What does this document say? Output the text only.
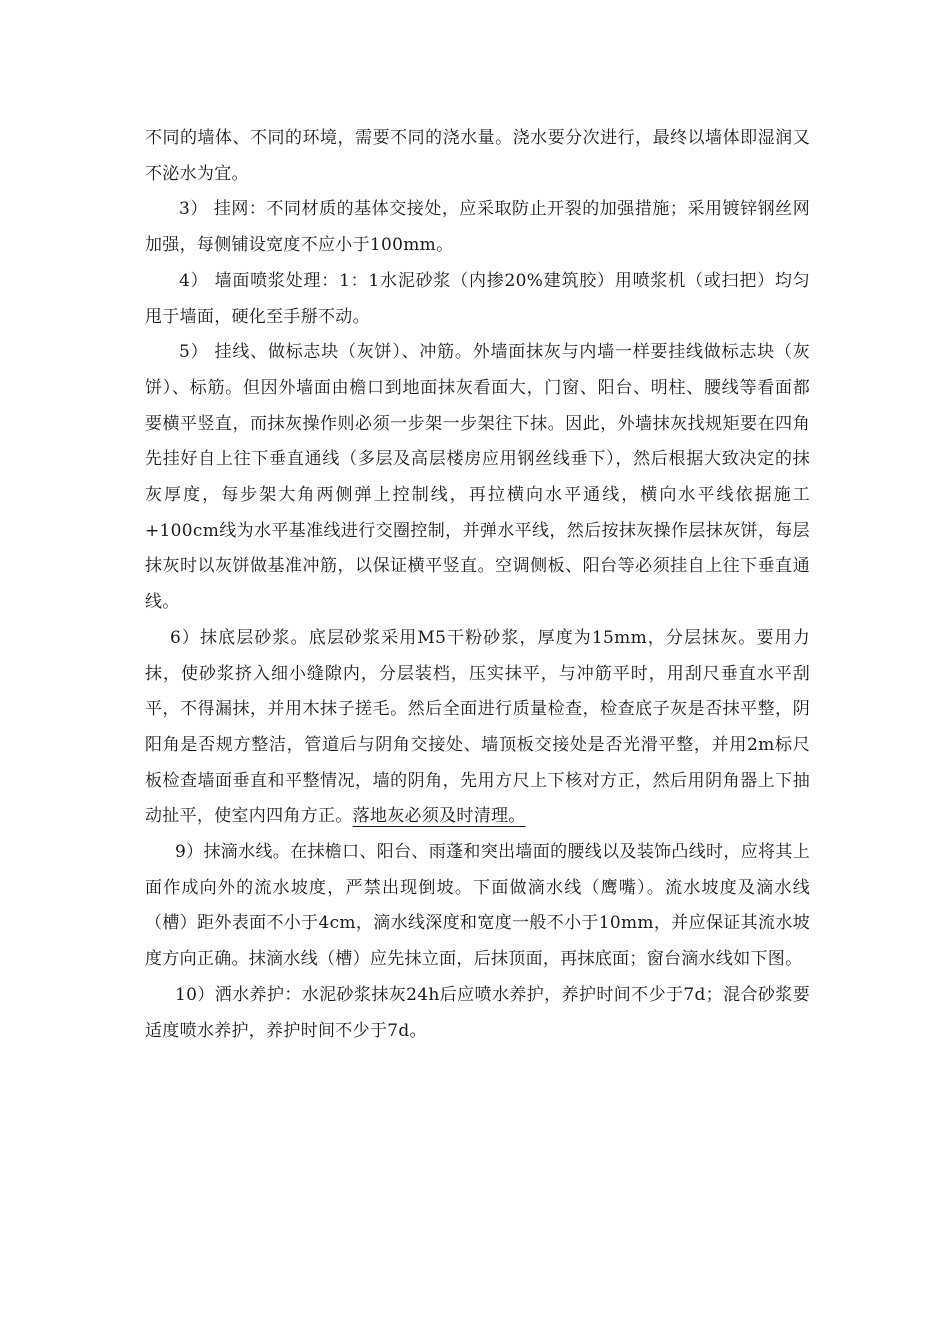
不同的墙体、不同的环境，需要不同的浇水量。浇水要分次进行，最终以墙体即湿润又不泌水为宜。

3） 挂网：不同材质的基体交接处，应采取防止开裂的加强措施；采用镀锌钢丝网加强，每侧铺设宽度不应小于100mm。

4） 墙面喷浆处理：1：1水泥砂浆（内掺20%建筑胶）用喷浆机（或扫把）均匀甩于墙面，硬化至手掰不动。

5） 挂线、做标志块（灰饼）、冲筋。外墙面抹灰与内墙一样要挂线做标志块（灰饼）、标筋。但因外墙面由檐口到地面抹灰看面大，门窗、阳台、明柱、腰线等看面都要横平竖直，而抹灰操作则必须一步架一步架往下抹。因此，外墙抹灰找规矩要在四角先挂好自上往下垂直通线（多层及高层楼房应用钢丝线垂下），然后根据大致决定的抹灰厚度，每步架大角两侧弹上控制线，再拉横向水平通线，横向水平线依据施工+100cm线为水平基准线进行交圈控制，并弹水平线，然后按抹灰操作层抹灰饼，每层抹灰时以灰饼做基准冲筋，以保证横平竖直。空调侧板、阳台等必须挂自上往下垂直通线。

6）抹底层砂浆。底层砂浆采用M5干粉砂浆，厚度为15mm，分层抹灰。要用力抹，使砂浆挤入细小缝隙内，分层装档，压实抹平，与冲筋平时，用刮尺垂直水平刮平，不得漏抹，并用木抹子搓毛。然后全面进行质量检查，检查底子灰是否抹平整，阴阳角是否规方整洁，管道后与阴角交接处、墙顶板交接处是否光滑平整，并用2m标尺板检查墙面垂直和平整情况，墙的阴角，先用方尺上下核对方正，然后用阴角器上下抽动扯平，使室内四角方正。落地灰必须及时清理。

9）抹滴水线。在抹檐口、阳台、雨蓬和突出墙面的腰线以及装饰凸线时，应将其上面作成向外的流水坡度，严禁出现倒坡。下面做滴水线（鹰嘴）。流水坡度及滴水线（槽）距外表面不小于4cm，滴水线深度和宽度一般不小于10mm，并应保证其流水坡度方向正确。抹滴水线（槽）应先抹立面，后抹顶面，再抹底面；窗台滴水线如下图。

10）洒水养护：水泥砂浆抹灰24h后应喷水养护，养护时间不少于7d；混合砂浆要适度喷水养护，养护时间不少于7d。
